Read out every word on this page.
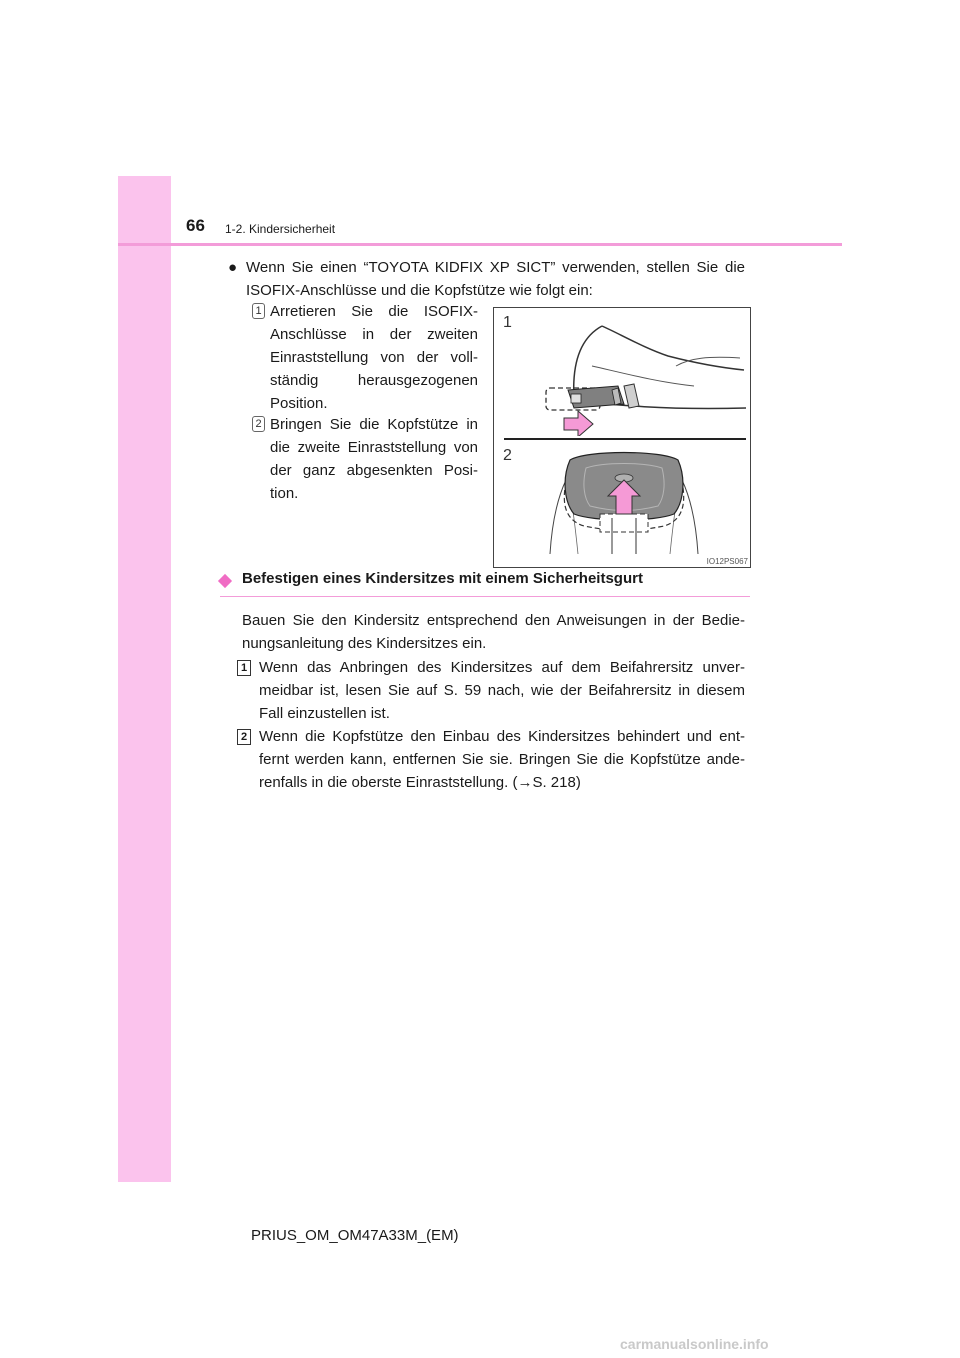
66 1-2. Kindersicherheit
● Wenn Sie einen “TOYOTA KIDFIX XP SICT” verwenden, stellen Sie die

ISOFIX-Anschlüsse und die Kopfstütze wie folgt ein:

1 Arretieren Sie die ISOFIX-

Anschlüsse in der zweiten

Einraststellung von der voll-

ständig herausgezogenen

Position.

2 Bringen Sie die Kopfstütze in

die zweite Einraststellung von

der ganz abgesenkten Posi-

tion.

1
2
IO12PS067
Befestigen eines Kindersitzes mit einem Sicherheitsgurt

Bauen Sie den Kindersitz entsprechend den Anweisungen in der Bedie-

nungsanleitung des Kindersitzes ein.

1 Wenn das Anbringen des Kindersitzes auf dem Beifahrersitz unver-

meidbar ist, lesen Sie auf S. 59 nach, wie der Beifahrersitz in diesem

Fall einzustellen ist.

2 Wenn die Kopfstütze den Einbau des Kindersitzes behindert und ent-

fernt werden kann, entfernen Sie sie. Bringen Sie die Kopfstütze ande-

renfalls in die oberste Einraststellung. (→S. 218)

PRIUS_OM_OM47A33M_(EM)
carmanualsonline.info
